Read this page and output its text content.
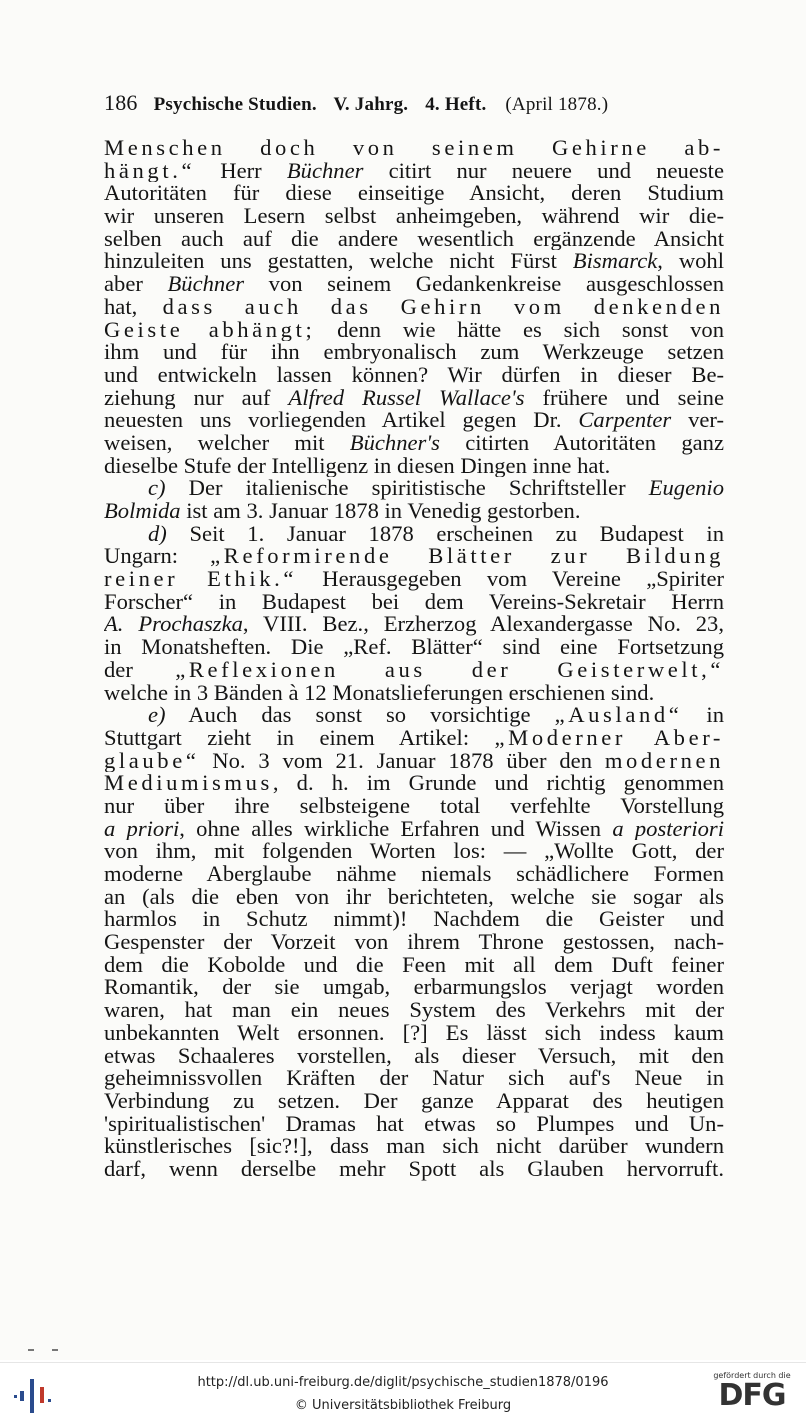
186 Psychische Studien. V. Jahrg. 4. Heft. (April 1878.)
Menschen doch von seinem Gehirne ab-
hängt.“ Herr Büchner citirt nur neuere und neueste
Autoritäten für diese einseitige Ansicht, deren Studium
wir unseren Lesern selbst anheimgeben, während wir die-
selben auch auf die andere wesentlich ergänzende Ansicht
hinzuleiten uns gestatten, welche nicht Fürst Bismarck, wohl
aber Büchner von seinem Gedankenkreise ausgeschlossen
hat, dass auch das Gehirn vom denkenden
Geiste abhängt; denn wie hätte es sich sonst von
ihm und für ihn embryonalisch zum Werkzeuge setzen
und entwickeln lassen können? Wir dürfen in dieser Be-
ziehung nur auf Alfred Russel Wallace's frühere und seine
neuesten uns vorliegenden Artikel gegen Dr. Carpenter ver-
weisen, welcher mit Büchner's citirten Autoritäten ganz
dieselbe Stufe der Intelligenz in diesen Dingen inne hat.
c) Der italienische spiritistische Schriftsteller Eugenio
Bolmida ist am 3. Januar 1878 in Venedig gestorben.
d) Seit 1. Januar 1878 erscheinen zu Budapest in
Ungarn: „Reformirende Blätter zur Bildung
reiner Ethik.“ Herausgegeben vom Vereine „Spiriter
Forscher“ in Budapest bei dem Vereins-Sekretair Herrn
A. Prochaszka, VIII. Bez., Erzherzog Alexandergasse No. 23,
in Monatsheften. Die „Ref. Blätter“ sind eine Fortsetzung
der „Reflexionen aus der Geisterwelt,“
welche in 3 Bänden à 12 Monatslieferungen erschienen sind.
e) Auch das sonst so vorsichtige „Ausland“ in
Stuttgart zieht in einem Artikel: „Moderner Aber-
glaube“ No. 3 vom 21. Januar 1878 über den modernen
Mediumismus, d. h. im Grunde und richtig genommen
nur über ihre selbsteigene total verfehlte Vorstellung
a priori, ohne alles wirkliche Erfahren und Wissen a posteriori
von ihm, mit folgenden Worten los: — „Wollte Gott, der
moderne Aberglaube nähme niemals schädlichere Formen
an (als die eben von ihr berichteten, welche sie sogar als
harmlos in Schutz nimmt)! Nachdem die Geister und
Gespenster der Vorzeit von ihrem Throne gestossen, nach-
dem die Kobolde und die Feen mit all dem Duft feiner
Romantik, der sie umgab, erbarmungslos verjagt worden
waren, hat man ein neues System des Verkehrs mit der
unbekannten Welt ersonnen. [?] Es lässt sich indess kaum
etwas Schaaleres vorstellen, als dieser Versuch, mit den
geheimnissvollen Kräften der Natur sich auf's Neue in
Verbindung zu setzen. Der ganze Apparat des heutigen
'spiritualistischen' Dramas hat etwas so Plumpes und Un-
künstlerisches [sic?!], dass man sich nicht darüber wundern
darf, wenn derselbe mehr Spott als Glauben hervorruft.
http://dl.ub.uni-freiburg.de/diglit/psychische_studien1878/0196
© Universitätsbibliothek Freiburg
gefördert durch die
DFG
